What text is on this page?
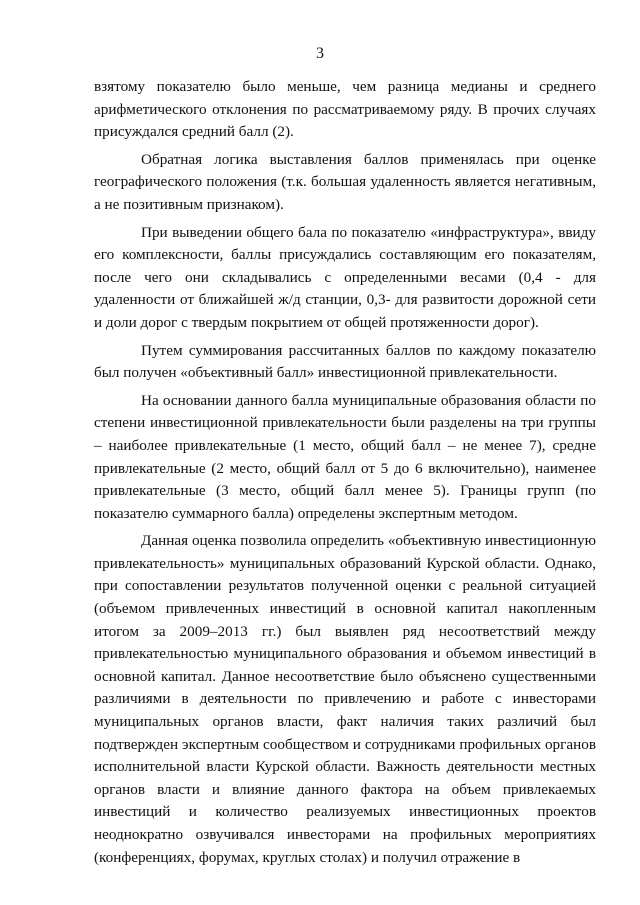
3

взятому показателю было меньше, чем разница медианы и среднего арифметического отклонения по рассматриваемому ряду. В прочих случаях присуждался средний балл (2).

Обратная логика выставления баллов применялась при оценке географического положения (т.к. большая удаленность является негативным, а не позитивным признаком).

При выведении общего бала по показателю «инфраструктура», ввиду его комплексности, баллы присуждались составляющим его показателям, после чего они складывались с определенными весами (0,4 - для удаленности от ближайшей ж/д станции, 0,3- для развитости дорожной сети и доли дорог с твердым покрытием от общей протяженности дорог).

Путем суммирования рассчитанных баллов по каждому показателю был получен «объективный балл» инвестиционной привлекательности.

На основании данного балла муниципальные образования области по степени инвестиционной привлекательности были разделены на три группы – наиболее привлекательные (1 место, общий балл – не менее 7), средне привлекательные (2 место, общий балл от 5 до 6 включительно), наименее привлекательные (3 место, общий балл менее 5). Границы групп (по показателю суммарного балла) определены экспертным методом.

Данная оценка позволила определить «объективную инвестиционную привлекательность» муниципальных образований Курской области. Однако, при сопоставлении результатов полученной оценки с реальной ситуацией (объемом привлеченных инвестиций в основной капитал накопленным итогом за 2009–2013 гг.) был выявлен ряд несоответствий между привлекательностью муниципального образования и объемом инвестиций в основной капитал. Данное несоответствие было объяснено существенными различиями в деятельности по привлечению и работе с инвесторами муниципальных органов власти, факт наличия таких различий был подтвержден экспертным сообществом и сотрудниками профильных органов исполнительной власти Курской области. Важность деятельности местных органов власти и влияние данного фактора на объем привлекаемых инвестиций и количество реализуемых инвестиционных проектов неоднократно озвучивался инвесторами на профильных мероприятиях (конференциях, форумах, круглых столах) и получил отражение в
